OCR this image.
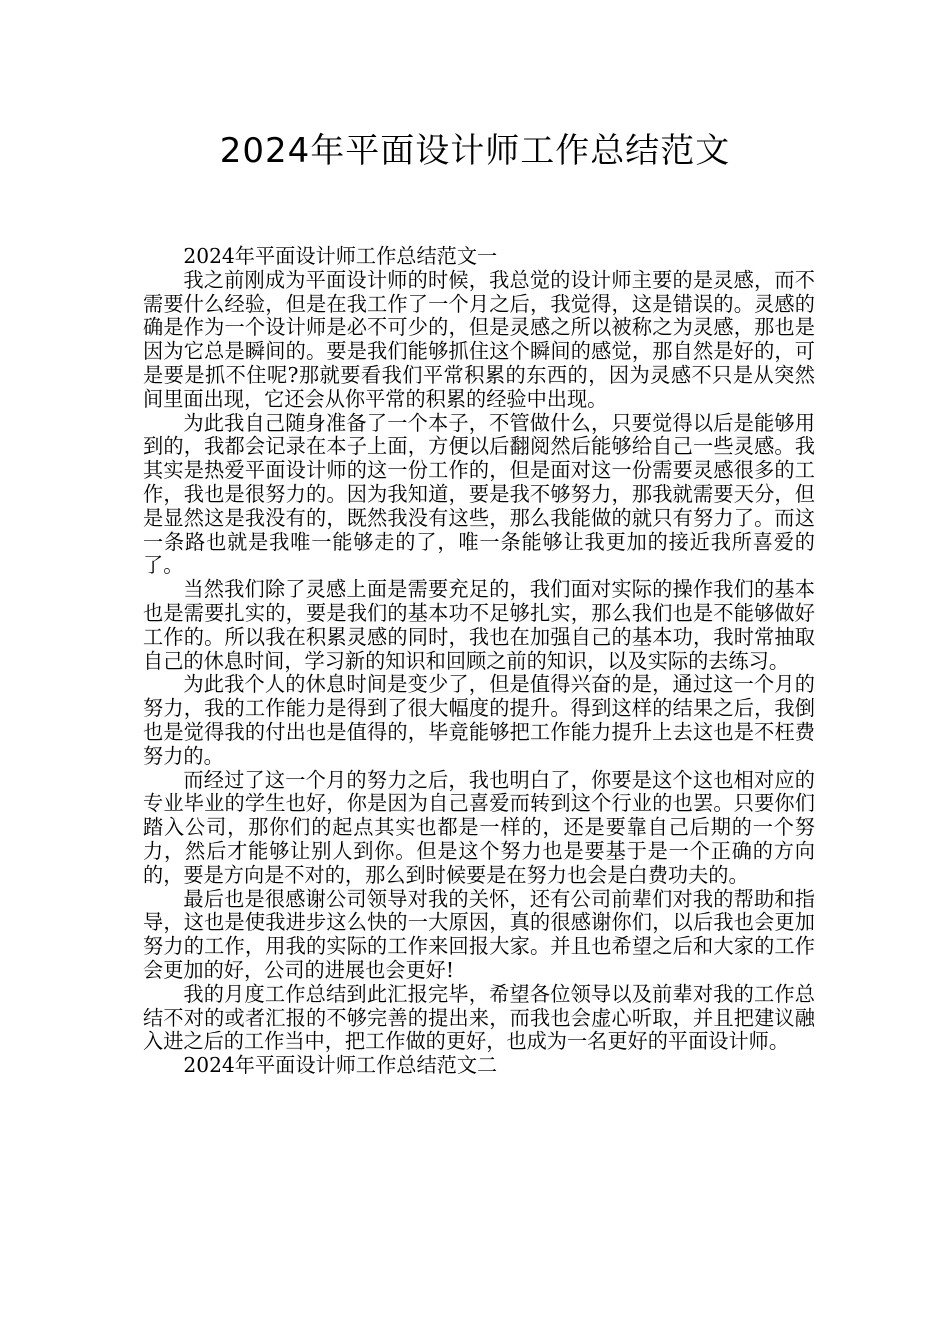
2024年平面设计师工作总结范文

2024年平面设计师工作总结范文一

我之前刚成为平面设计师的时候，我总觉的设计师主要的是灵感，而不需要什么经验，但是在我工作了一个月之后，我觉得，这是错误的。灵感的确是作为一个设计师是必不可少的，但是灵感之所以被称之为灵感，那也是因为它总是瞬间的。要是我们能够抓住这个瞬间的感觉，那自然是好的，可是要是抓不住呢?那就要看我们平常积累的东西的，因为灵感不只是从突然间里面出现，它还会从你平常的积累的经验中出现。

为此我自己随身准备了一个本子，不管做什么，只要觉得以后是能够用到的，我都会记录在本子上面，方便以后翻阅然后能够给自己一些灵感。我其实是热爱平面设计师的这一份工作的，但是面对这一份需要灵感很多的工作，我也是很努力的。因为我知道，要是我不够努力，那我就需要天分，但是显然这是我没有的，既然我没有这些，那么我能做的就只有努力了。而这一条路也就是我唯一能够走的了，唯一条能够让我更加的接近我所喜爱的了。

当然我们除了灵感上面是需要充足的，我们面对实际的操作我们的基本也是需要扎实的，要是我们的基本功不足够扎实，那么我们也是不能够做好工作的。所以我在积累灵感的同时，我也在加强自己的基本功，我时常抽取自己的休息时间，学习新的知识和回顾之前的知识，以及实际的去练习。

为此我个人的休息时间是变少了，但是值得兴奋的是，通过这一个月的努力，我的工作能力是得到了很大幅度的提升。得到这样的结果之后，我倒也是觉得我的付出也是值得的，毕竟能够把工作能力提升上去这也是不枉费努力的。

而经过了这一个月的努力之后，我也明白了，你要是这个这也相对应的专业毕业的学生也好，你是因为自己喜爱而转到这个行业的也罢。只要你们踏入公司，那你们的起点其实也都是一样的，还是要靠自己后期的一个努力，然后才能够让别人到你。但是这个努力也是要基于是一个正确的方向的，要是方向是不对的，那么到时候要是在努力也会是白费功夫的。

最后也是很感谢公司领导对我的关怀，还有公司前辈们对我的帮助和指导，这也是使我进步这么快的一大原因，真的很感谢你们，以后我也会更加努力的工作，用我的实际的工作来回报大家。并且也希望之后和大家的工作会更加的好，公司的进展也会更好!

我的月度工作总结到此汇报完毕，希望各位领导以及前辈对我的工作总结不对的或者汇报的不够完善的提出来，而我也会虚心听取，并且把建议融入进之后的工作当中，把工作做的更好，也成为一名更好的平面设计师。

2024年平面设计师工作总结范文二
